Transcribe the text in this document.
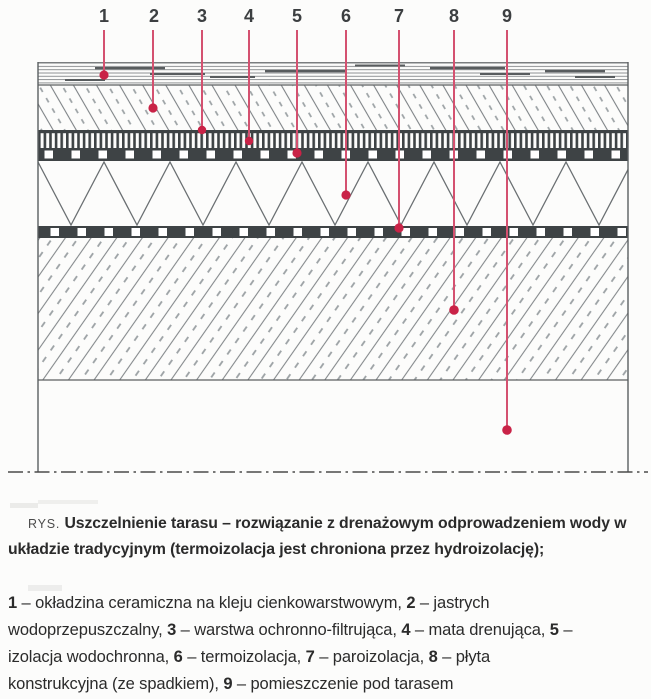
1 2 3 4 5 6 7 8 9

RYS. Uszczelnienie tarasu – rozwiązanie z drenażowym odprowadzeniem wody w układzie tradycyjnym (termoizolacja jest chroniona przez hydroizolację);

1 – okładzina ceramiczna na kleju cienkowarstwowym, 2 – jastrych wodoprzepuszczalny, 3 – warstwa ochronno-filtrująca, 4 – mata drenująca, 5 – izolacja wodochronna, 6 – termoizolacja, 7 – paroizolacja, 8 – płyta konstrukcyjna (ze spadkiem), 9 – pomieszczenie pod tarasem
